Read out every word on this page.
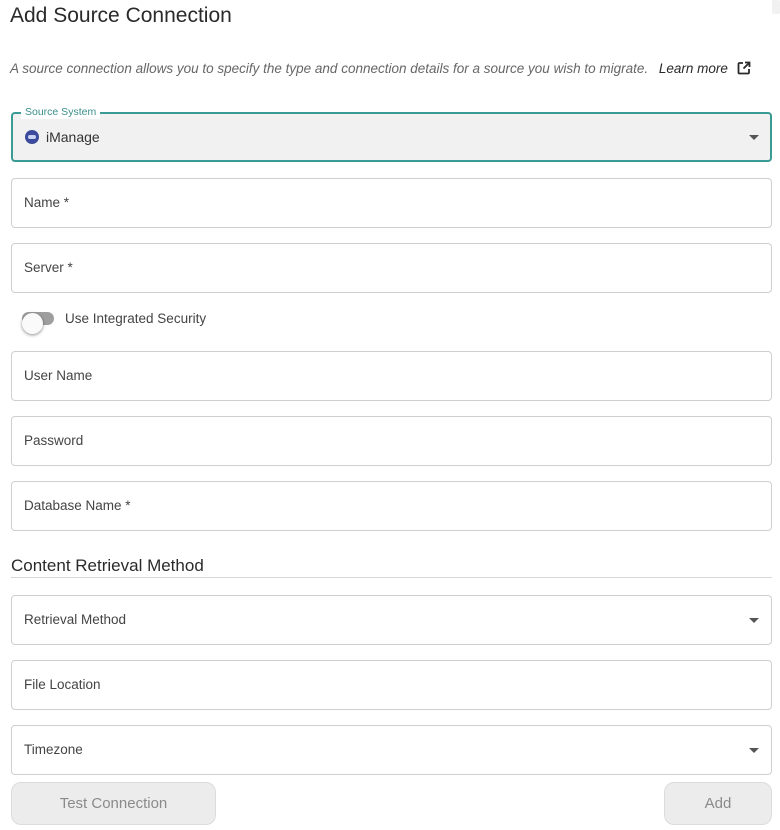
Add Source Connection
A source connection allows you to specify the type and connection details for a source you wish to migrate. Learn more
Source System
iManage
Name *
Server *
Use Integrated Security
User Name
Password
Database Name *
Content Retrieval Method
Retrieval Method
File Location
Timezone
Test Connection	Add
